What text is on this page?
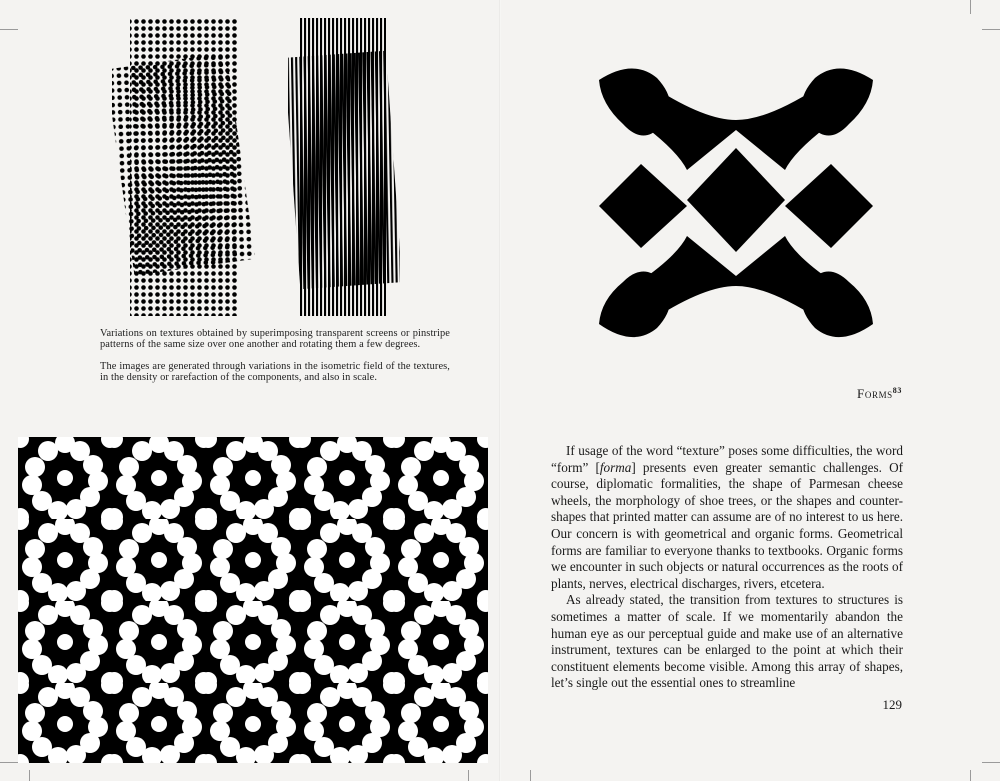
Variations on textures obtained by superimposing transparent screens or pinstripe patterns of the same size over one another and rotating them a few degrees.

The images are generated through variations in the isometric field of the textures, in the density or rarefaction of the components, and also in scale.

Forms$^{83}$

If usage of the word “texture” poses some difficulties, the word “form” [forma] presents even greater semantic challenges. Of course, diplomatic formalities, the shape of Parmesan cheese wheels, the morphology of shoe trees, or the shapes and counter-shapes that printed matter can assume are of no interest to us here. Our concern is with geometrical and organic forms. Geometrical forms are familiar to everyone thanks to textbooks. Organic forms we encounter in such objects or natural occurrences as the roots of plants, nerves, electrical discharges, rivers, etcetera.

As already stated, the transition from textures to structures is sometimes a matter of scale. If we momentarily abandon the human eye as our perceptual guide and make use of an alternative instrument, textures can be enlarged to the point at which their constituent elements become visible. Among this array of shapes, let’s single out the essential ones to streamline

129
